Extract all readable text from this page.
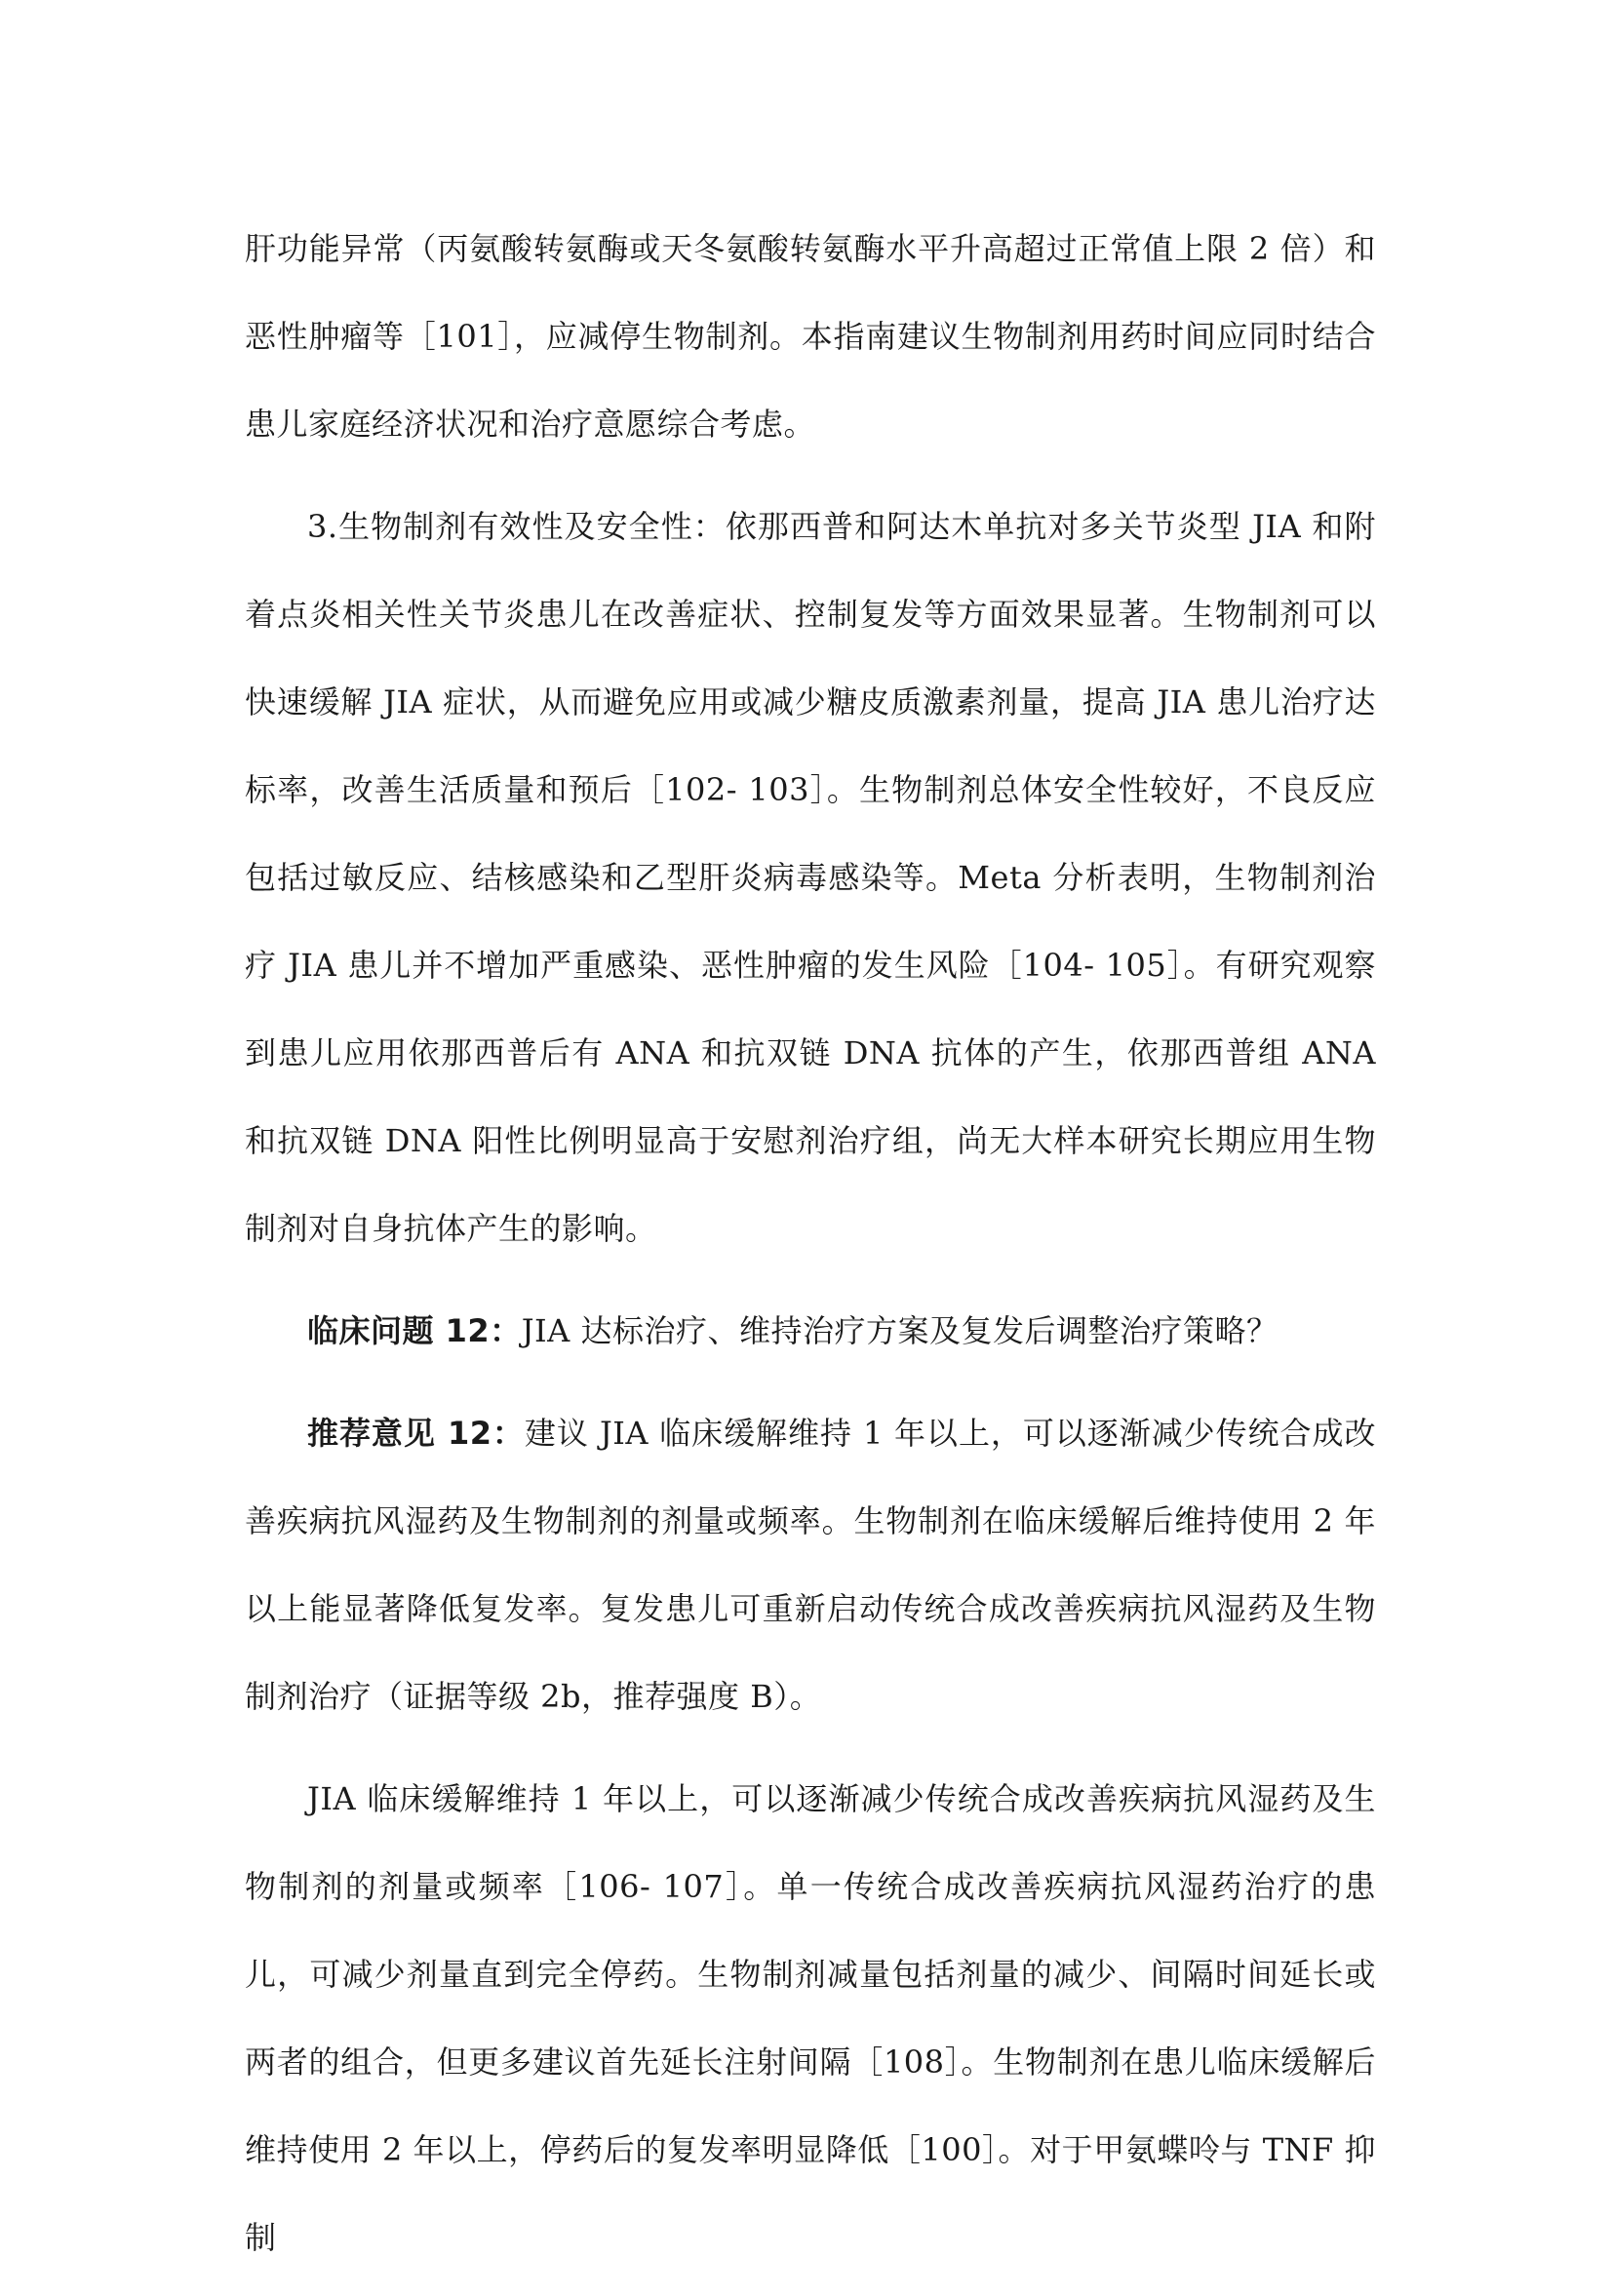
肝功能异常（丙氨酸转氨酶或天冬氨酸转氨酶水平升高超过正常值上限 2 倍）和恶性肿瘤等［101］，应减停生物制剂。本指南建议生物制剂用药时间应同时结合患儿家庭经济状况和治疗意愿综合考虑。

3.生物制剂有效性及安全性：依那西普和阿达木单抗对多关节炎型 JIA 和附着点炎相关性关节炎患儿在改善症状、控制复发等方面效果显著。生物制剂可以快速缓解 JIA 症状，从而避免应用或减少糖皮质激素剂量，提高 JIA 患儿治疗达标率，改善生活质量和预后［102- 103］。生物制剂总体安全性较好，不良反应包括过敏反应、结核感染和乙型肝炎病毒感染等。Meta 分析表明，生物制剂治疗 JIA 患儿并不增加严重感染、恶性肿瘤的发生风险［104- 105］。有研究观察到患儿应用依那西普后有 ANA 和抗双链 DNA 抗体的产生，依那西普组 ANA 和抗双链 DNA 阳性比例明显高于安慰剂治疗组，尚无大样本研究长期应用生物制剂对自身抗体产生的影响。

临床问题 12：JIA 达标治疗、维持治疗方案及复发后调整治疗策略？

推荐意见 12：建议 JIA 临床缓解维持 1 年以上，可以逐渐减少传统合成改善疾病抗风湿药及生物制剂的剂量或频率。生物制剂在临床缓解后维持使用 2 年以上能显著降低复发率。复发患儿可重新启动传统合成改善疾病抗风湿药及生物制剂治疗（证据等级 2b，推荐强度 B）。

JIA 临床缓解维持 1 年以上，可以逐渐减少传统合成改善疾病抗风湿药及生物制剂的剂量或频率［106- 107］。单一传统合成改善疾病抗风湿药治疗的患儿，可减少剂量直到完全停药。生物制剂减量包括剂量的减少、间隔时间延长或两者的组合，但更多建议首先延长注射间隔［108］。生物制剂在患儿临床缓解后维持使用 2 年以上，停药后的复发率明显降低［100］。对于甲氨蝶呤与 TNF 抑制
